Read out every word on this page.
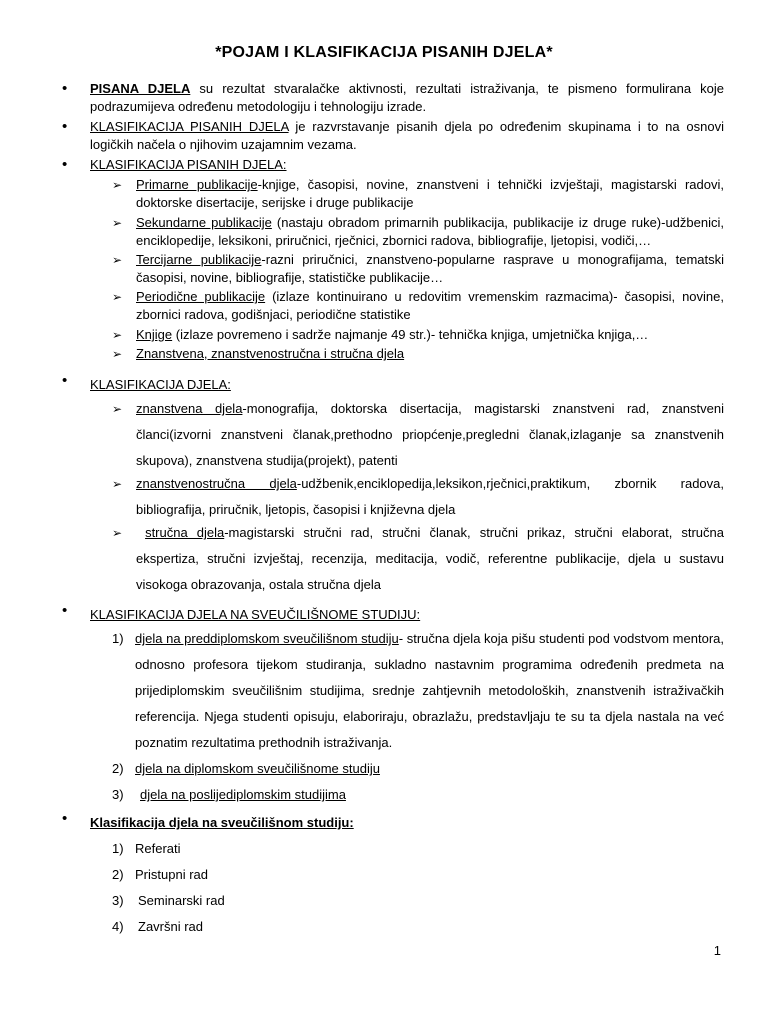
*POJAM I KLASIFIKACIJA PISANIH DJELA*
• PISANA DJELA su rezultat stvaralačke aktivnosti, rezultati istraživanja, te pismeno formulirana koje podrazumijeva određenu metodologiju i tehnologiju izrade.
• KLASIFIKACIJA PISANIH DJELA je razvrstavanje pisanih djela po određenim skupinama i to na osnovi logičkih načela o njihovim uzajamnim vezama.
• KLASIFIKACIJA PISANIH DJELA:
➢ Primarne publikacije-knjige, časopisi, novine, znanstveni i tehnički izvještaji, magistarski radovi, doktorske disertacije, serijske i druge publikacije
➢ Sekundarne publikacije (nastaju obradom primarnih publikacija, publikacije iz druge ruke)-udžbenici, enciklopedije, leksikoni, priručnici, rječnici, zbornici radova, bibliografije, ljetopisi, vodiči,…
➢ Tercijarne publikacije-razni priručnici, znanstveno-popularne rasprave u monografijama, tematski časopisi, novine, bibliografije, statističke publikacije…
➢ Periodične publikacije (izlaze kontinuirano u redovitim vremenskim razmacima)- časopisi, novine, zbornici radova, godišnjaci, periodične statistike
➢ Knjige (izlaze povremeno i sadrže najmanje 49 str.)- tehnička knjiga, umjetnička knjiga,…
➢ Znanstvena, znanstvenostručna i stručna djela
• KLASIFIKACIJA DJELA:
➢ znanstvena djela-monografija, doktorska disertacija, magistarski znanstveni rad, znanstveni članci(izvorni znanstveni članak,prethodno priopćenje,pregledni članak,izlaganje sa znanstvenih skupova), znanstvena studija(projekt), patenti
➢ znanstvenostručna djela-udžbenik,enciklopedija,leksikon,rječnici,praktikum, zbornik radova, bibliografija, priručnik, ljetopis, časopisi i književna djela
➢	stručna djela-magistarski stručni rad, stručni članak, stručni prikaz, stručni elaborat, stručna ekspertiza, stručni izvještaj, recenzija, meditacija, vodič, referentne publikacije, djela u sustavu visokoga obrazovanja, ostala stručna djela
• KLASIFIKACIJA DJELA NA SVEUČILIŠNOME STUDIJU:
1) djela na preddiplomskom sveučilišnom studiju- stručna djela koja pišu studenti pod vodstvom mentora, odnosno profesora tijekom studiranja, sukladno nastavnim programima određenih predmeta na prijediplomskim sveučilišnim studijima, srednje zahtjevnih metodoloških, znanstvenih istraživačkih referencija. Njega studenti opisuju, elaboriraju, obrazlažu, predstavljaju te su ta djela nastala na već poznatim rezultatima prethodnih istraživanja.
2) djela na diplomskom sveučilišnome studiju
3) djela na poslijediplomskim studijima
• Klasifikacija djela na sveučilišnom studiju:
1) Referati
2) Pristupni rad
3) Seminarski rad
4) Završni rad
1
